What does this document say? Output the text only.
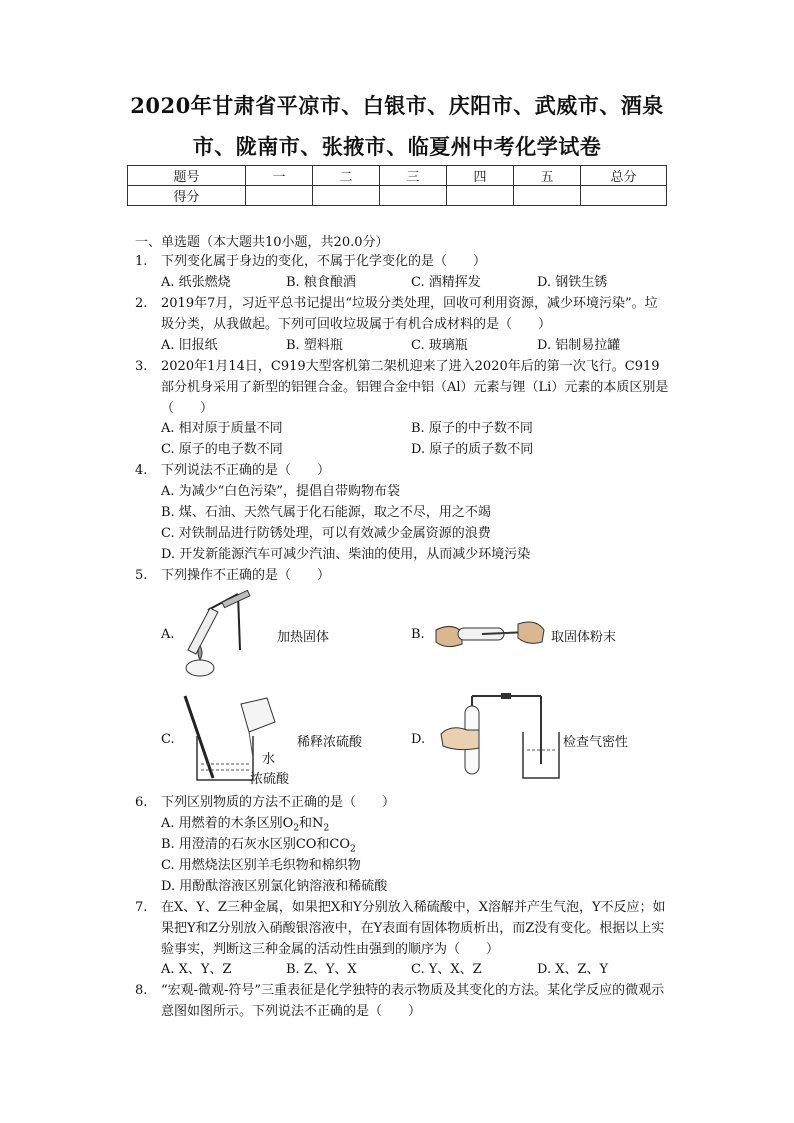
2020年甘肃省平凉市、白银市、庆阳市、武威市、酒泉
市、陇南市、张掖市、临夏州中考化学试卷
题号	一	二	三	四	五	总分
得分						
一、单选题（本大题共10小题，共20.0分）
1. 下列变化属于身边的变化，不属于化学变化的是（　　）
A. 纸张燃烧	B. 粮食酿酒	C. 酒精挥发	D. 钢铁生锈
2. 2019年7月，习近平总书记提出“垃圾分类处理，回收可利用资源，减少环境污染”。垃圾分类，从我做起。下列可回收垃圾属于有机合成材料的是（　　）
A. 旧报纸	B. 塑料瓶	C. 玻璃瓶	D. 铝制易拉罐
3. 2020年1月14日，C919大型客机第二架机迎来了进入2020年后的第一次飞行。C919部分机身采用了新型的铝锂合金。铝锂合金中铝（Al）元素与锂（Li）元素的本质区别是（　　）
A. 相对原于质量不同	B. 原子的中子数不同
C. 原子的电子数不同	D. 原子的质子数不同
4. 下列说法不正确的是（　　）
A. 为减少“白色污染”，提倡自带购物布袋
B. 煤、石油、天然气属于化石能源，取之不尽，用之不竭
C. 对铁制品进行防锈处理，可以有效减少金属资源的浪费
D. 开发新能源汽车可减少汽油、柴油的使用，从而减少环境污染
5. 下列操作不正确的是（　　）
A.	加热固体	B.	取固体粉末
C.
水
浓硫酸
稀释浓硫酸	D.	检查气密性
6. 下列区别物质的方法不正确的是（　　）
A. 用燃着的木条区别$O_2$和$N_2$
B. 用澄清的石灰水区别CO和$CO_2$
C. 用燃烧法区别羊毛织物和棉织物
D. 用酚酞溶液区别氯化钠溶液和稀硫酸
7. 在X、Y、Z三种金属，如果把X和Y分别放入稀硫酸中，X溶解并产生气泡，Y不反应；如果把Y和Z分别放入硝酸银溶液中，在Y表面有固体物质析出，而Z没有变化。根据以上实验事实，判断这三种金属的活动性由强到的顺序为（　　）
A. X、Y、Z	B. Z、Y、X	C. Y、X、Z	D. X、Z、Y
8. “宏观-微观-符号”三重表征是化学独特的表示物质及其变化的方法。某化学反应的微观示意图如图所示。下列说法不正确的是（　　）
